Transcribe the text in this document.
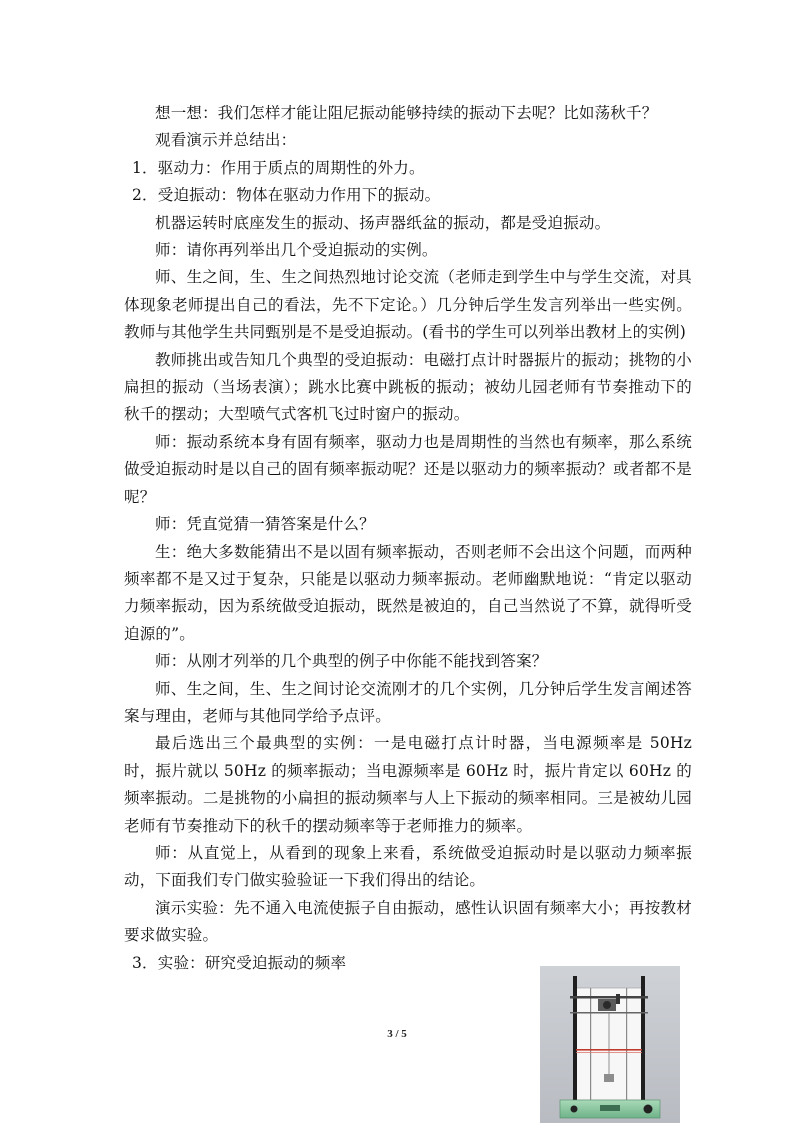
想一想：我们怎样才能让阻尼振动能够持续的振动下去呢？比如荡秋千？

观看演示并总结出：

1．驱动力：作用于质点的周期性的外力。

2．受迫振动：物体在驱动力作用下的振动。

机器运转时底座发生的振动、扬声器纸盆的振动，都是受迫振动。

师：请你再列举出几个受迫振动的实例。

师、生之间，生、生之间热烈地讨论交流（老师走到学生中与学生交流，对具体现象老师提出自己的看法，先不下定论。）几分钟后学生发言列举出一些实例。教师与其他学生共同甄别是不是受迫振动。(看书的学生可以列举出教材上的实例)

教师挑出或告知几个典型的受迫振动：电磁打点计时器振片的振动；挑物的小扁担的振动（当场表演）；跳水比赛中跳板的振动；被幼儿园老师有节奏推动下的秋千的摆动；大型喷气式客机飞过时窗户的振动。

师：振动系统本身有固有频率，驱动力也是周期性的当然也有频率，那么系统做受迫振动时是以自己的固有频率振动呢？还是以驱动力的频率振动？或者都不是呢？

师：凭直觉猜一猜答案是什么？

生：绝大多数能猜出不是以固有频率振动，否则老师不会出这个问题，而两种频率都不是又过于复杂，只能是以驱动力频率振动。老师幽默地说：“肯定以驱动力频率振动，因为系统做受迫振动，既然是被迫的，自己当然说了不算，就得听受迫源的”。

师：从刚才列举的几个典型的例子中你能不能找到答案？

师、生之间，生、生之间讨论交流刚才的几个实例，几分钟后学生发言阐述答案与理由，老师与其他同学给予点评。

最后选出三个最典型的实例：一是电磁打点计时器，当电源频率是 50Hz 时，振片就以 50Hz 的频率振动；当电源频率是 60Hz 时，振片肯定以 60Hz 的频率振动。二是挑物的小扁担的振动频率与人上下振动的频率相同。三是被幼儿园老师有节奏推动下的秋千的摆动频率等于老师推力的频率。

师：从直觉上，从看到的现象上来看，系统做受迫振动时是以驱动力频率振动，下面我们专门做实验验证一下我们得出的结论。

演示实验：先不通入电流使振子自由振动，感性认识固有频率大小；再按教材要求做实验。

3．实验：研究受迫振动的频率

3 / 5
